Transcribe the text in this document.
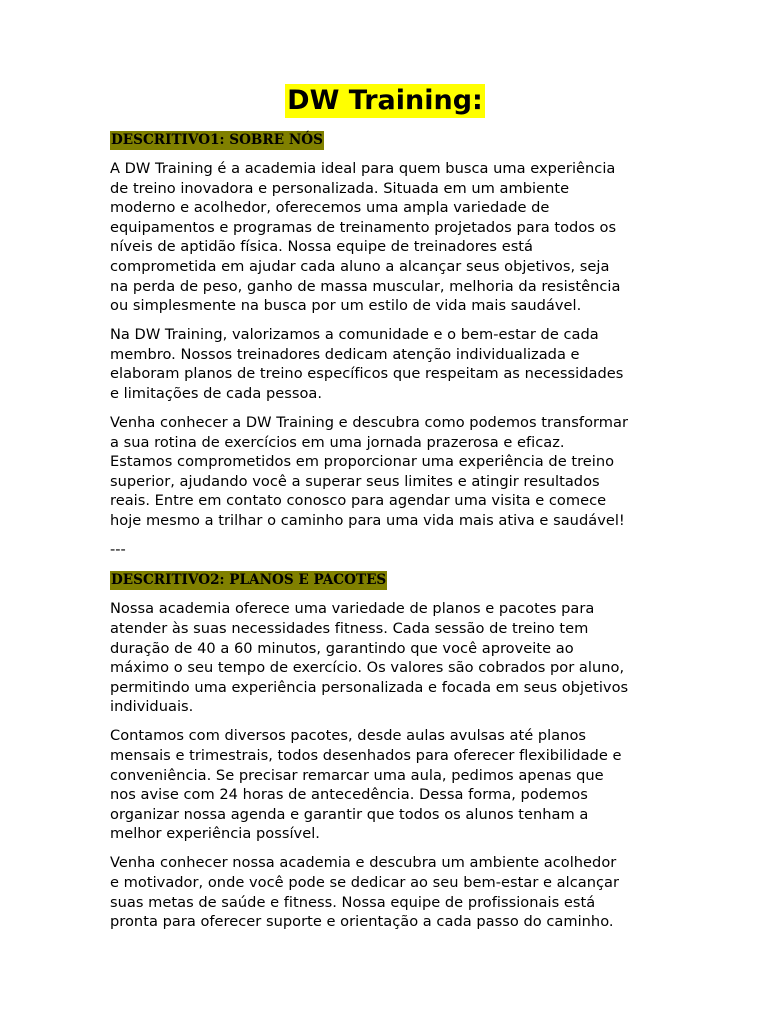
DW Training:
DESCRITIVO1: SOBRE NÓS

A DW Training é a academia ideal para quem busca uma experiência
de treino inovadora e personalizada. Situada em um ambiente
moderno e acolhedor, oferecemos uma ampla variedade de
equipamentos e programas de treinamento projetados para todos os
níveis de aptidão física. Nossa equipe de treinadores está
comprometida em ajudar cada aluno a alcançar seus objetivos, seja
na perda de peso, ganho de massa muscular, melhoria da resistência
ou simplesmente na busca por um estilo de vida mais saudável.

Na DW Training, valorizamos a comunidade e o bem-estar de cada
membro. Nossos treinadores dedicam atenção individualizada e
elaboram planos de treino específicos que respeitam as necessidades
e limitações de cada pessoa.

Venha conhecer a DW Training e descubra como podemos transformar
a sua rotina de exercícios em uma jornada prazerosa e eficaz.
Estamos comprometidos em proporcionar uma experiência de treino
superior, ajudando você a superar seus limites e atingir resultados
reais. Entre em contato conosco para agendar uma visita e comece
hoje mesmo a trilhar o caminho para uma vida mais ativa e saudável!

---

DESCRITIVO2: PLANOS E PACOTES

Nossa academia oferece uma variedade de planos e pacotes para
atender às suas necessidades fitness. Cada sessão de treino tem
duração de 40 a 60 minutos, garantindo que você aproveite ao
máximo o seu tempo de exercício. Os valores são cobrados por aluno,
permitindo uma experiência personalizada e focada em seus objetivos
individuais.

Contamos com diversos pacotes, desde aulas avulsas até planos
mensais e trimestrais, todos desenhados para oferecer flexibilidade e
conveniência. Se precisar remarcar uma aula, pedimos apenas que
nos avise com 24 horas de antecedência. Dessa forma, podemos
organizar nossa agenda e garantir que todos os alunos tenham a
melhor experiência possível.

Venha conhecer nossa academia e descubra um ambiente acolhedor
e motivador, onde você pode se dedicar ao seu bem-estar e alcançar
suas metas de saúde e fitness. Nossa equipe de profissionais está
pronta para oferecer suporte e orientação a cada passo do caminho.
